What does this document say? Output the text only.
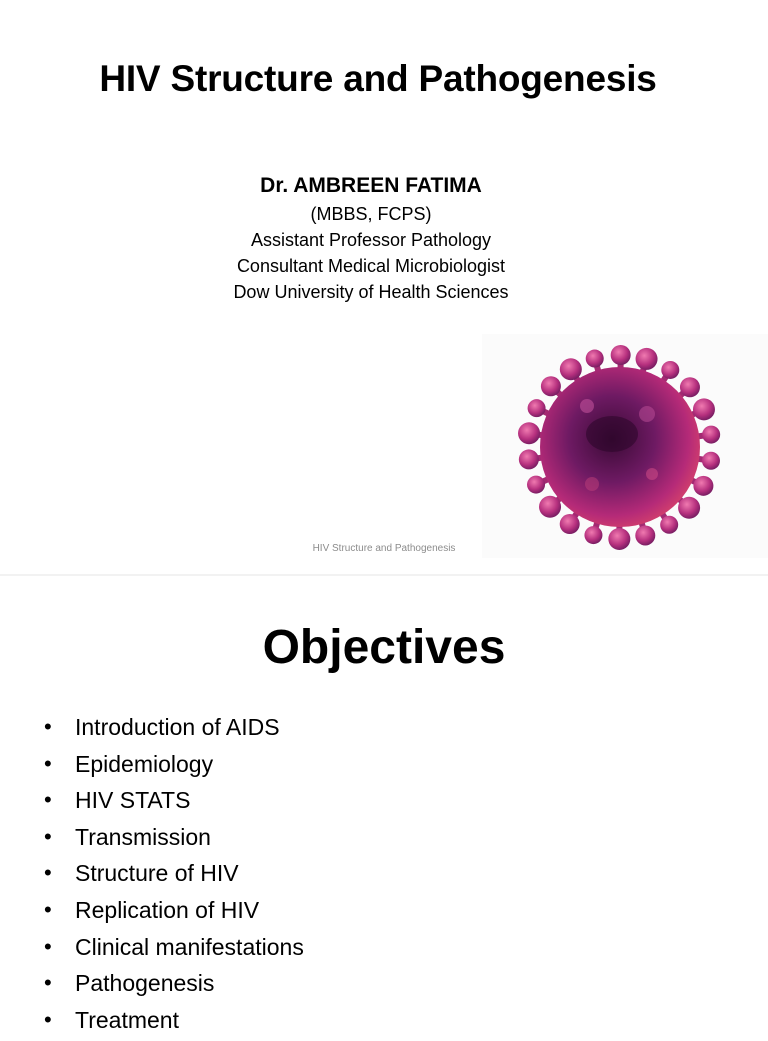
HIV Structure and Pathogenesis
Dr. AMBREEN FATIMA
(MBBS, FCPS)
Assistant Professor Pathology
Consultant Medical Microbiologist
Dow University of Health Sciences
HIV Structure and Pathogenesis
Objectives
• Introduction of AIDS
• Epidemiology
• HIV STATS
• Transmission
• Structure of HIV
• Replication of HIV
• Clinical manifestations
• Pathogenesis
• Treatment
